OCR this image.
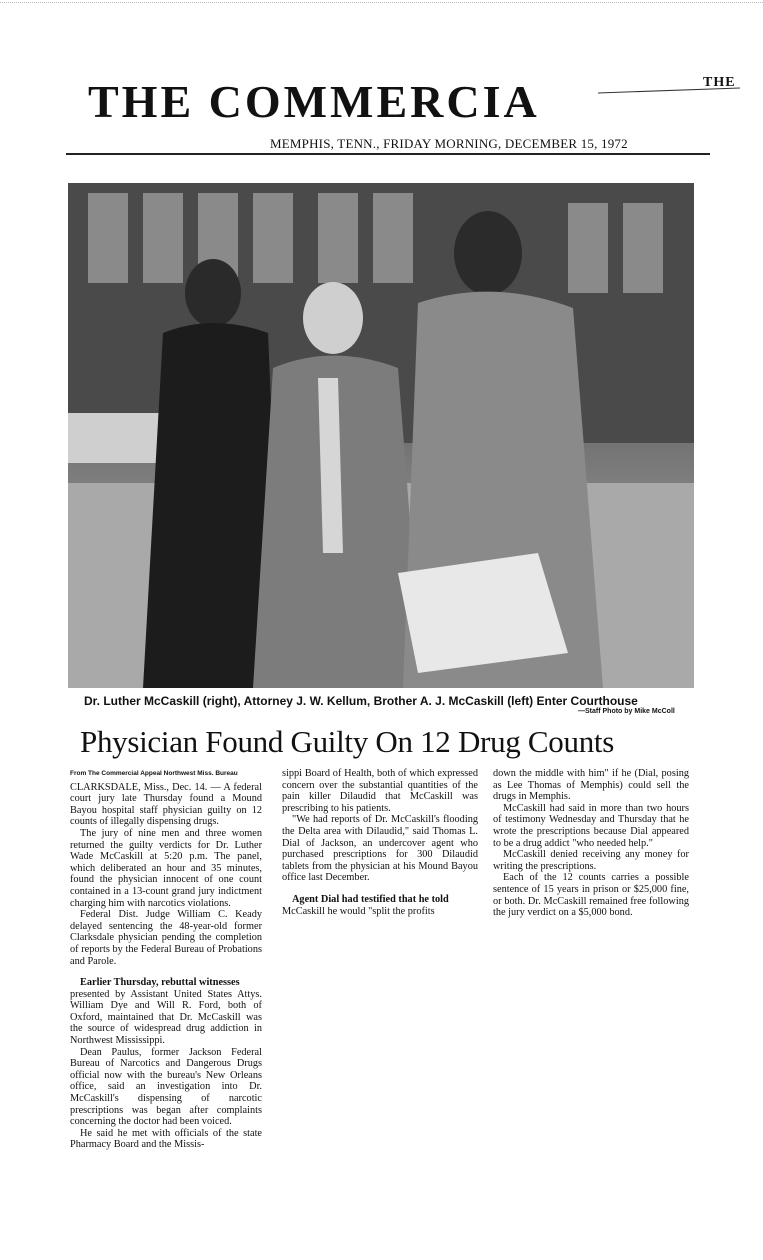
THE COMMERCIA	THE
MEMPHIS, TENN., FRIDAY MORNING, DECEMBER 15, 1972
Dr. Luther McCaskill (right), Attorney J. W. Kellum, Brother A. J. McCaskill (left) Enter Courthouse
—Staff Photo by Mike McColl
Physician Found Guilty On 12 Drug Counts
From The Commercial Appeal Northwest Miss. Bureau

CLARKSDALE, Miss., Dec. 14. — A federal court jury late Thursday found a Mound Bayou hospital staff physician guilty on 12 counts of illegally dispensing drugs.

The jury of nine men and three women returned the guilty verdicts for Dr. Luther Wade McCaskill at 5:20 p.m. The panel, which deliberated an hour and 35 minutes, found the physician innocent of one count contained in a 13-count grand jury indictment charging him with narcotics violations.

Federal Dist. Judge William C. Keady delayed sentencing the 48-year-old former Clarksdale physician pending the completion of reports by the Federal Bureau of Probations and Parole.

Earlier Thursday, rebuttal witnesses

presented by Assistant United States Attys. William Dye and Will R. Ford, both of Oxford, maintained that Dr. McCaskill was the source of widespread drug addiction in Northwest Mississippi.

Dean Paulus, former Jackson Federal Bureau of Narcotics and Dangerous Drugs official now with the bureau's New Orleans office, said an investigation into Dr. McCaskill's dispensing of narcotic prescriptions was began after complaints concerning the doctor had been voiced.

He said he met with officials of the state Pharmacy Board and the Missis-

sippi Board of Health, both of which expressed concern over the substantial quantities of the pain killer Dilaudid that McCaskill was prescribing to his patients.

"We had reports of Dr. McCaskill's flooding the Delta area with Dilaudid," said Thomas L. Dial of Jackson, an undercover agent who purchased prescriptions for 300 Dilaudid tablets from the physician at his Mound Bayou office last December.

Agent Dial had testified that he told

McCaskill he would "split the profits

down the middle with him" if he (Dial, posing as Lee Thomas of Memphis) could sell the drugs in Memphis.

McCaskill had said in more than two hours of testimony Wednesday and Thursday that he wrote the prescriptions because Dial appeared to be a drug addict "who needed help."

McCaskill denied receiving any money for writing the prescriptions.

Each of the 12 counts carries a possible sentence of 15 years in prison or $25,000 fine, or both. Dr. McCaskill remained free following the jury verdict on a $5,000 bond.
